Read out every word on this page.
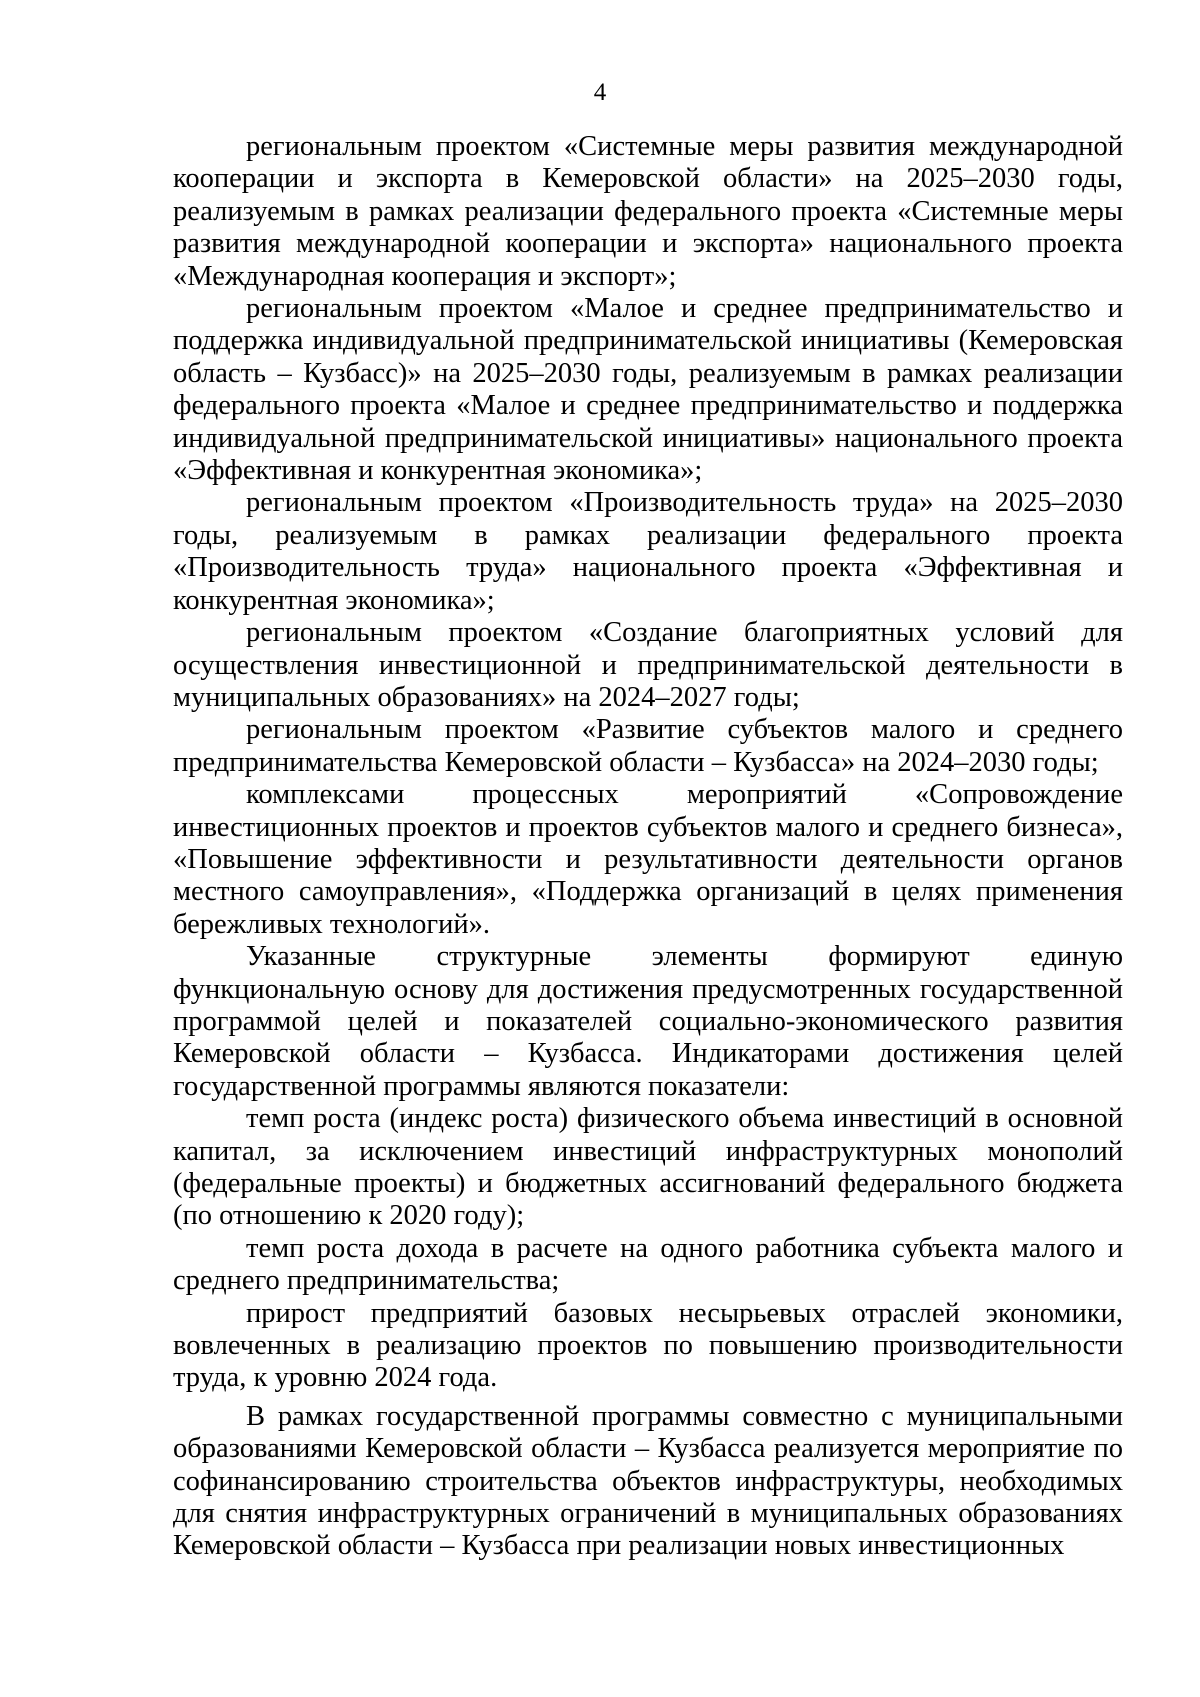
4

региональным проектом «Системные меры развития международной кооперации и экспорта в Кемеровской области» на 2025–2030 годы, реализуемым в рамках реализации федерального проекта «Системные меры развития международной кооперации и экспорта» национального проекта «Международная кооперация и экспорт»;

региональным проектом «Малое и среднее предпринимательство и поддержка индивидуальной предпринимательской инициативы (Кемеровская область – Кузбасс)» на 2025–2030 годы, реализуемым в рамках реализации федерального проекта «Малое и среднее предпринимательство и поддержка индивидуальной предпринимательской инициативы» национального проекта «Эффективная и конкурентная экономика»;

региональным проектом «Производительность труда» на 2025–2030 годы, реализуемым в рамках реализации федерального проекта «Производительность труда» национального проекта «Эффективная и конкурентная экономика»;

региональным проектом «Создание благоприятных условий для осуществления инвестиционной и предпринимательской деятельности в муниципальных образованиях» на 2024–2027 годы;

региональным проектом «Развитие субъектов малого и среднего предпринимательства Кемеровской области – Кузбасса» на 2024–2030 годы;

комплексами процессных мероприятий «Сопровождение инвестиционных проектов и проектов субъектов малого и среднего бизнеса», «Повышение эффективности и результативности деятельности органов местного самоуправления», «Поддержка организаций в целях применения бережливых технологий».

Указанные структурные элементы формируют единую функциональную основу для достижения предусмотренных государственной программой целей и показателей социально-экономического развития Кемеровской области – Кузбасса. Индикаторами достижения целей государственной программы являются показатели:

темп роста (индекс роста) физического объема инвестиций в основной капитал, за исключением инвестиций инфраструктурных монополий (федеральные проекты) и бюджетных ассигнований федерального бюджета (по отношению к 2020 году);

темп роста дохода в расчете на одного работника субъекта малого и среднего предпринимательства;

прирост предприятий базовых несырьевых отраслей экономики, вовлеченных в реализацию проектов по повышению производительности труда, к уровню 2024 года.

В рамках государственной программы совместно с муниципальными образованиями Кемеровской области – Кузбасса реализуется мероприятие по софинансированию строительства объектов инфраструктуры, необходимых для снятия инфраструктурных ограничений в муниципальных образованиях Кемеровской области – Кузбасса при реализации новых инвестиционных
